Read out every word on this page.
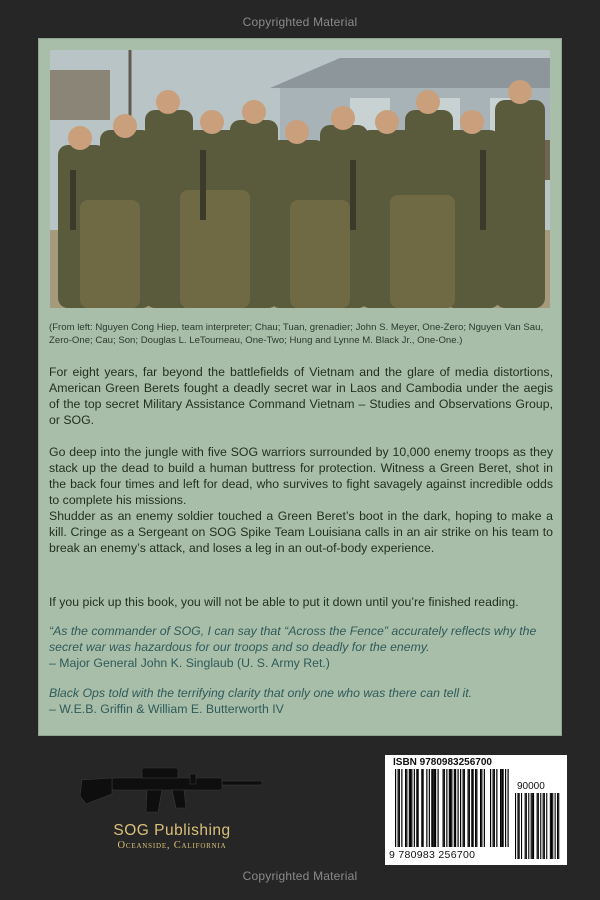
Copyrighted Material
(From left: Nguyen Cong Hiep, team interpreter; Chau; Tuan, grenadier; John S. Meyer, One-Zero; Nguyen Van Sau, Zero-One; Cau; Son; Douglas L. LeTourneau, One-Two; Hung and Lynne M. Black Jr., One-One.)

For eight years, far beyond the battlefields of Vietnam and the glare of media distortions, American Green Berets fought a deadly secret war in Laos and Cambodia under the aegis of the top secret Military Assistance Command Vietnam – Studies and Observations Group, or SOG.

Go deep into the jungle with five SOG warriors surrounded by 10,000 enemy troops as they stack up the dead to build a human buttress for protection. Witness a Green Beret, shot in the back four times and left for dead, who survives to fight savagely against incredible odds to complete his missions.

Shudder as an enemy soldier touched a Green Beret’s boot in the dark, hoping to make a kill. Cringe as a Sergeant on SOG Spike Team Louisiana calls in an air strike on his team to break an enemy’s attack, and loses a leg in an out-of-body experience.

If you pick up this book, you will not be able to put it down until you’re finished reading.

“As the commander of SOG, I can say that “Across the Fence” accurately reflects why the secret war was hazardous for our troops and so deadly for the enemy.
– Major General John K. Singlaub (U. S. Army Ret.)

Black Ops told with the terrifying clarity that only one who was there can tell it.
– W.E.B. Griffin & William E. Butterworth IV

SOG Publishing
Oceanside, California
ISBN 9780983256700
90000
9 780983 256700
Copyrighted Material
